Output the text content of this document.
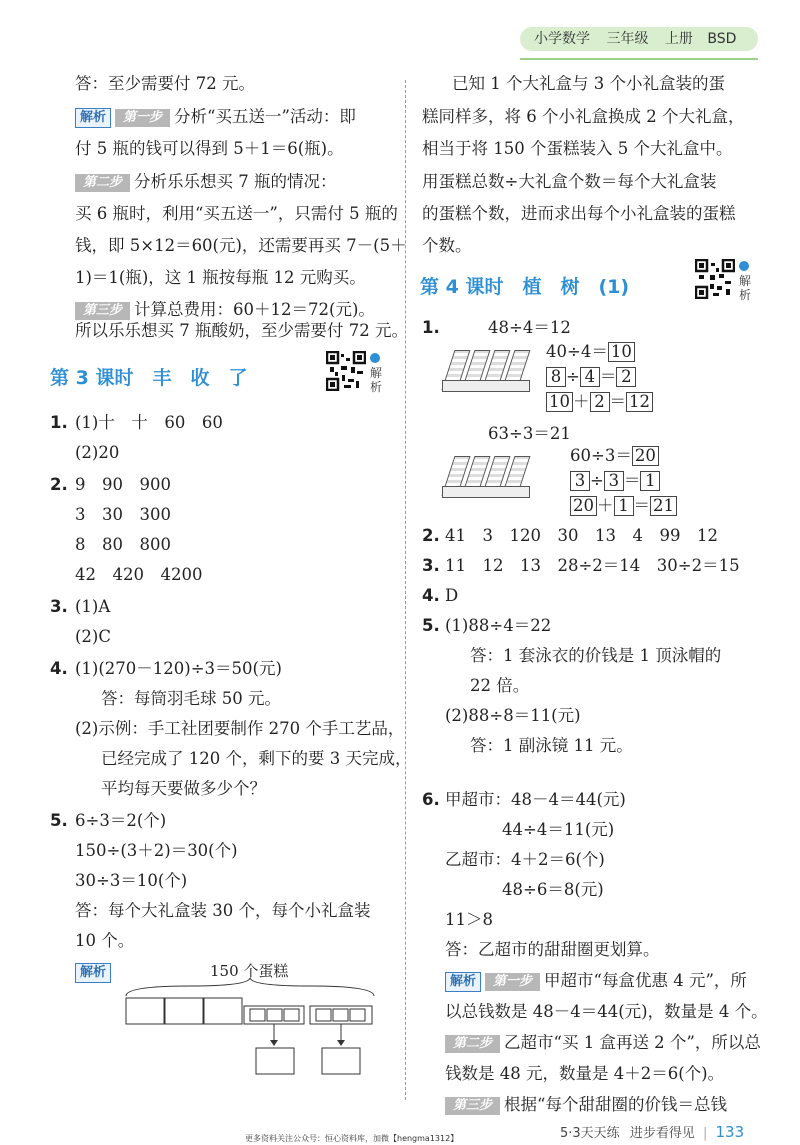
小学数学 三年级 上册 BSD
答：至少需要付 72 元。
解析 第一步 分析“买五送一”活动：即
付 5 瓶的钱可以得到 5＋1＝6(瓶)。
第二步 分析乐乐想买 7 瓶的情况：
买 6 瓶时，利用“买五送一”，只需付 5 瓶的
钱，即 5×12＝60(元)，还需要再买 7－(5＋
1)＝1(瓶)，这 1 瓶按每瓶 12 元购买。
第三步 计算总费用：60＋12＝72(元)。
所以乐乐想买 7 瓶酸奶，至少需要付 72 元。
第 3 课时　丰　收　了	解析
1. (1)十　十　60　60
(2)20
2. 9　90　900
3　30　300
8　80　800
42　420　4200
3. (1)A
(2)C
4. (1)(270－120)÷3＝50(元)
答：每筒羽毛球 50 元。
(2)示例：手工社团要制作 270 个手工艺品，
已经完成了 120 个，剩下的要 3 天完成，
平均每天要做多少个？
5. 6÷3＝2(个)
150÷(3＋2)＝30(个)
30÷3＝10(个)
答：每个大礼盒装 30 个，每个小礼盒装
10 个。
解析	150 个蛋糕
已知 1 个大礼盒与 3 个小礼盒装的蛋
糕同样多，将 6 个小礼盒换成 2 个大礼盒，
相当于将 150 个蛋糕装入 5 个大礼盒中。
用蛋糕总数÷大礼盒个数＝每个大礼盒装
的蛋糕个数，进而求出每个小礼盒装的蛋糕
个数。
第 4 课时　植　树　(1)	解析
1.	48÷4＝12
40÷4＝ 10
8 ÷ 4 ＝ 2
10 ＋ 2 ＝ 12
63÷3＝21
60÷3＝ 20
3 ÷ 3 ＝ 1
20 ＋ 1 ＝ 21
2. 41　3　120　30　13　4　99　12
3. 11　12　13　28÷2＝14　30÷2＝15
4. D
5. (1)88÷4＝22
答：1 套泳衣的价钱是 1 顶泳帽的
22 倍。
(2)88÷8＝11(元)
答：1 副泳镜 11 元。
6. 甲超市：48－4＝44(元)
44÷4＝11(元)
乙超市：4＋2＝6(个)
48÷6＝8(元)
11＞8
答：乙超市的甜甜圈更划算。
解析 第一步 甲超市“每盒优惠 4 元”，所
以总钱数是 48－4＝44(元)，数量是 4 个。
第二步 乙超市“买 1 盒再送 2 个”，所以总
钱数是 48 元，数量是 4＋2＝6(个)。
第三步 根据“每个甜甜圈的价钱＝总钱
5·3天天练 进步看得见 | 133
更多资料关注公众号：恒心资料库，加微【hengma1312】
